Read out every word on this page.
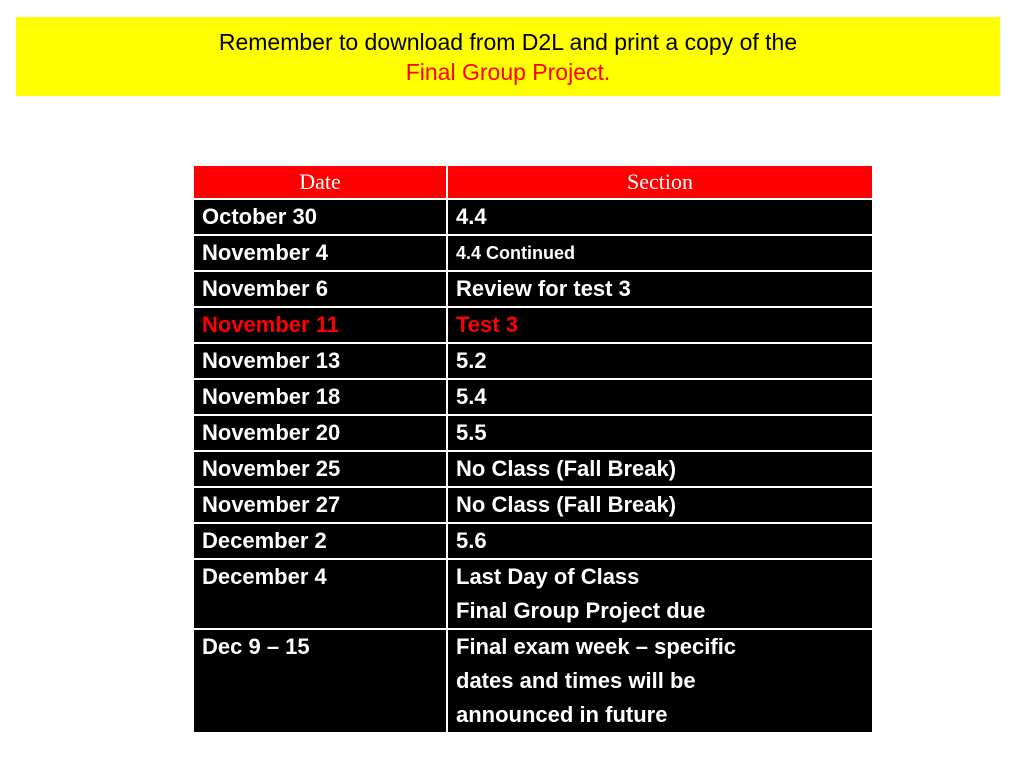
Remember to download from D2L and print a copy of the
Final Group Project.
Date	Section
October 30	4.4

November 4	4.4 Continued

November 6	Review for test 3

November 11	Test 3

November 13	5.2

November 18	5.4

November 20	5.5

November 25	No Class (Fall Break)

November 27	No Class (Fall Break)

December 2	5.6

December 4	Last Day of Class
Final Group Project due

Dec 9 – 15	Final exam week – specific
dates and times will be
announced in future
